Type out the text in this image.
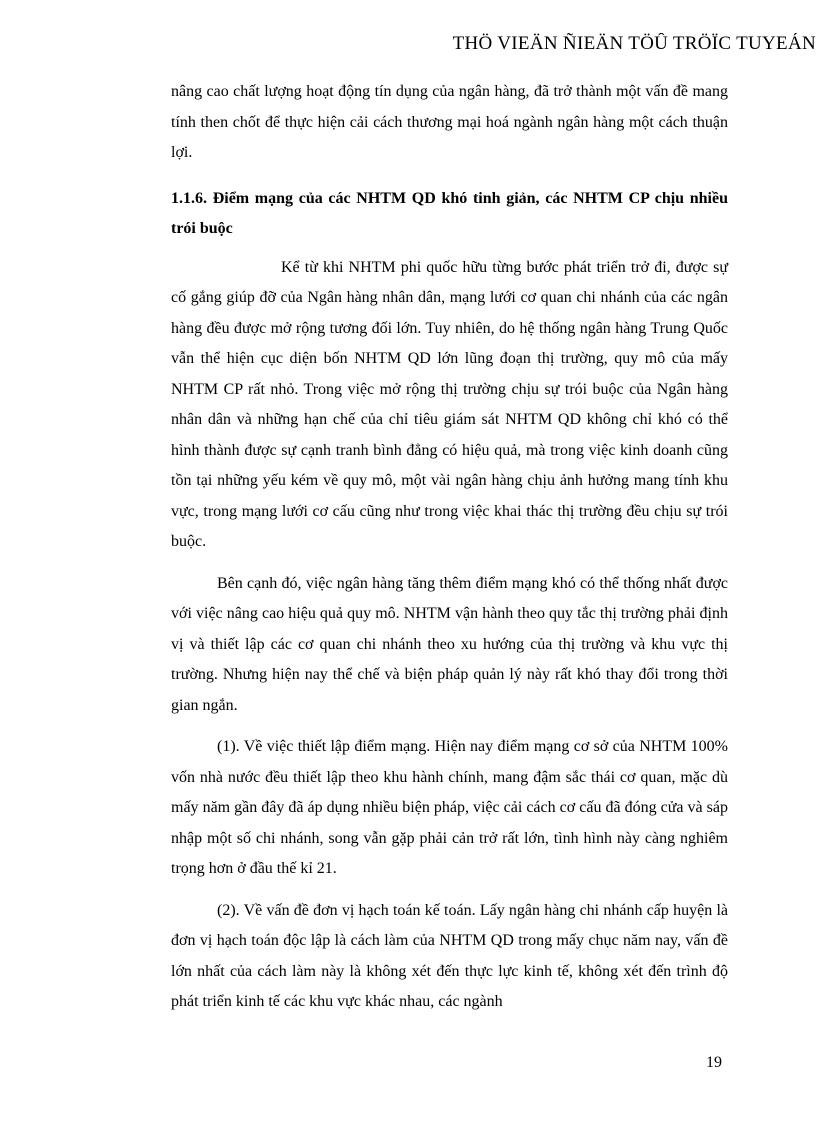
THÖ VIEÄN ÑIEÄN TÖÛ TRÖÏC TUYEÁN

nâng cao chất lượng hoạt động tín dụng của ngân hàng, đã trở thành một vấn đề mang tính then chốt để thực hiện cải cách thương mại hoá ngành ngân hàng một cách thuận lợi.

1.1.6. Điểm mạng của các NHTM QD khó tinh giản, các NHTM CP chịu nhiều trói buộc

Kể từ khi NHTM phi quốc hữu từng bước phát triển trở đi, được sự cố gắng giúp đỡ của Ngân hàng nhân dân, mạng lưới cơ quan chi nhánh của các ngân hàng đều được mở rộng tương đối lớn. Tuy nhiên, do hệ thống ngân hàng Trung Quốc vẫn thể hiện cục diện bốn NHTM QD lớn lũng đoạn thị trường, quy mô của mấy NHTM CP rất nhỏ. Trong việc mở rộng thị trường chịu sự trói buộc của Ngân hàng nhân dân và những hạn chế của chỉ tiêu giám sát NHTM QD không chỉ khó có thể hình thành được sự cạnh tranh bình đẳng có hiệu quả, mà trong việc kinh doanh cũng tồn tại những yếu kém về quy mô, một vài ngân hàng chịu ảnh hưởng mang tính khu vực, trong mạng lưới cơ cấu cũng như trong việc khai thác thị trường đều chịu sự trói buộc.

Bên cạnh đó, việc ngân hàng tăng thêm điểm mạng khó có thể thống nhất được với việc nâng cao hiệu quả quy mô. NHTM vận hành theo quy tắc thị trường phải định vị và thiết lập các cơ quan chi nhánh theo xu hướng của thị trường và khu vực thị trường. Nhưng hiện nay thể chế và biện pháp quản lý này rất khó thay đổi trong thời gian ngắn.

(1). Về việc thiết lập điểm mạng. Hiện nay điểm mạng cơ sở của NHTM 100% vốn nhà nước đều thiết lập theo khu hành chính, mang đậm sắc thái cơ quan, mặc dù mấy năm gần đây đã áp dụng nhiều biện pháp, việc cải cách cơ cấu đã đóng cửa và sáp nhập một số chi nhánh, song vẫn gặp phải cản trở rất lớn, tình hình này càng nghiêm trọng hơn ở đầu thế kỉ 21.

(2). Về vấn đề đơn vị hạch toán kế toán. Lấy ngân hàng chi nhánh cấp huyện là đơn vị hạch toán độc lập là cách làm của NHTM QD trong mấy chục năm nay, vấn đề lớn nhất của cách làm này là không xét đến thực lực kinh tế, không xét đến trình độ phát triển kinh tế các khu vực khác nhau, các ngành

19
